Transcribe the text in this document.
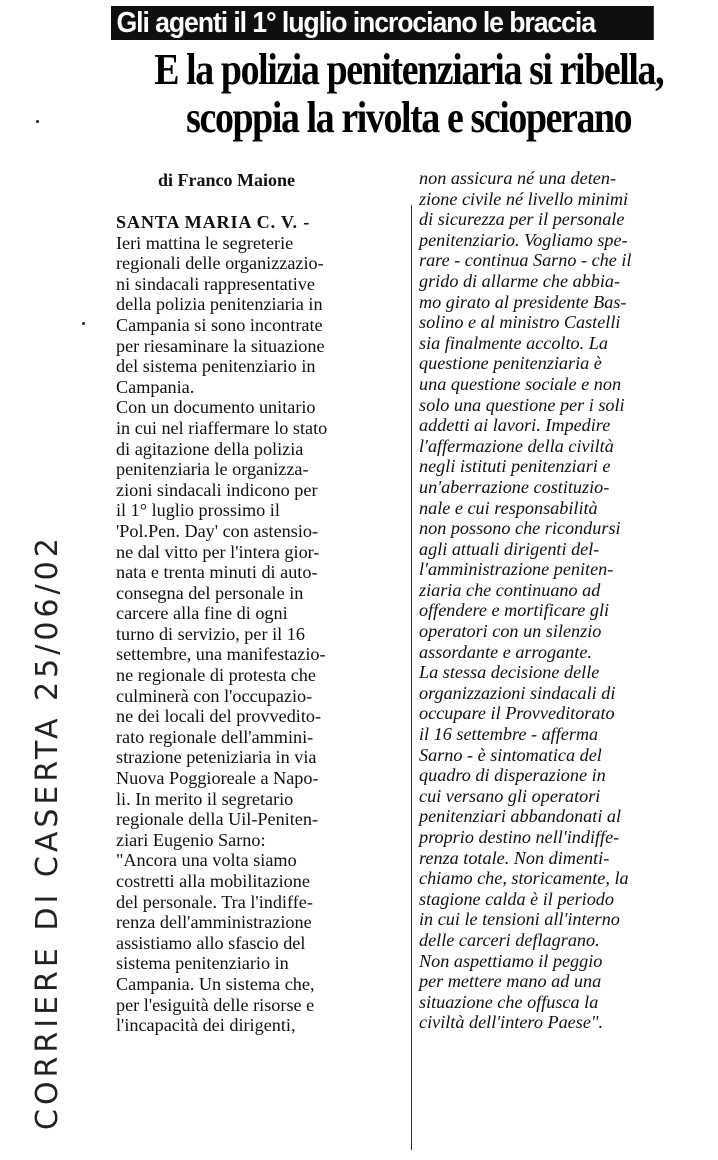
Gli agenti il 1° luglio incrociano le braccia
E la polizia penitenziaria si ribella,
scoppia la rivolta e scioperano
di Franco Maione
SANTA MARIA C. V. -
Ieri mattina le segreterie
regionali delle organizzazio-
ni sindacali rappresentative
della polizia penitenziaria in
Campania si sono incontrate
per riesaminare la situazione
del sistema penitenziario in
Campania.
Con un documento unitario
in cui nel riaffermare lo stato
di agitazione della polizia
penitenziaria le organizza-
zioni sindacali indicono per
il 1° luglio prossimo il
'Pol.Pen. Day' con astensio-
ne dal vitto per l'intera gior-
nata e trenta minuti di auto-
consegna del personale in
carcere alla fine di ogni
turno di servizio, per il 16
settembre, una manifestazio-
ne regionale di protesta che
culminerà con l'occupazio-
ne dei locali del provvedito-
rato regionale dell'ammini-
strazione peteniziaria in via
Nuova Poggioreale a Napo-
li. In merito il segretario
regionale della Uil-Peniten-
ziari Eugenio Sarno:
"Ancora una volta siamo
costretti alla mobilitazione
del personale. Tra l'indiffe-
renza dell'amministrazione
assistiamo allo sfascio del
sistema penitenziario in
Campania. Un sistema che,
per l'esiguità delle risorse e
l'incapacità dei dirigenti,
non assicura né una deten-
zione civile né livello minimi
di sicurezza per il personale
penitenziario. Vogliamo spe-
rare - continua Sarno - che il
grido di allarme che abbia-
mo girato al presidente Bas-
solino e al ministro Castelli
sia finalmente accolto. La
questione penitenziaria è
una questione sociale e non
solo una questione per i soli
addetti ai lavori. Impedire
l'affermazione della civiltà
negli istituti penitenziari e
un'aberrazione costituzio-
nale e cui responsabilità
non possono che ricondursi
agli attuali dirigenti del-
l'amministrazione peniten-
ziaria che continuano ad
offendere e mortificare gli
operatori con un silenzio
assordante e arrogante.
La stessa decisione delle
organizzazioni sindacali di
occupare il Provveditorato
il 16 settembre - afferma
Sarno - è sintomatica del
quadro di disperazione in
cui versano gli operatori
penitenziari abbandonati al
proprio destino nell'indiffe-
renza totale. Non dimenti-
chiamo che, storicamente, la
stagione calda è il periodo
in cui le tensioni all'interno
delle carceri deflagrano.
Non aspettiamo il peggio
per mettere mano ad una
situazione che offusca la
civiltà dell'intero Paese".
CORRIERE DI CASERTA 25/06/02
